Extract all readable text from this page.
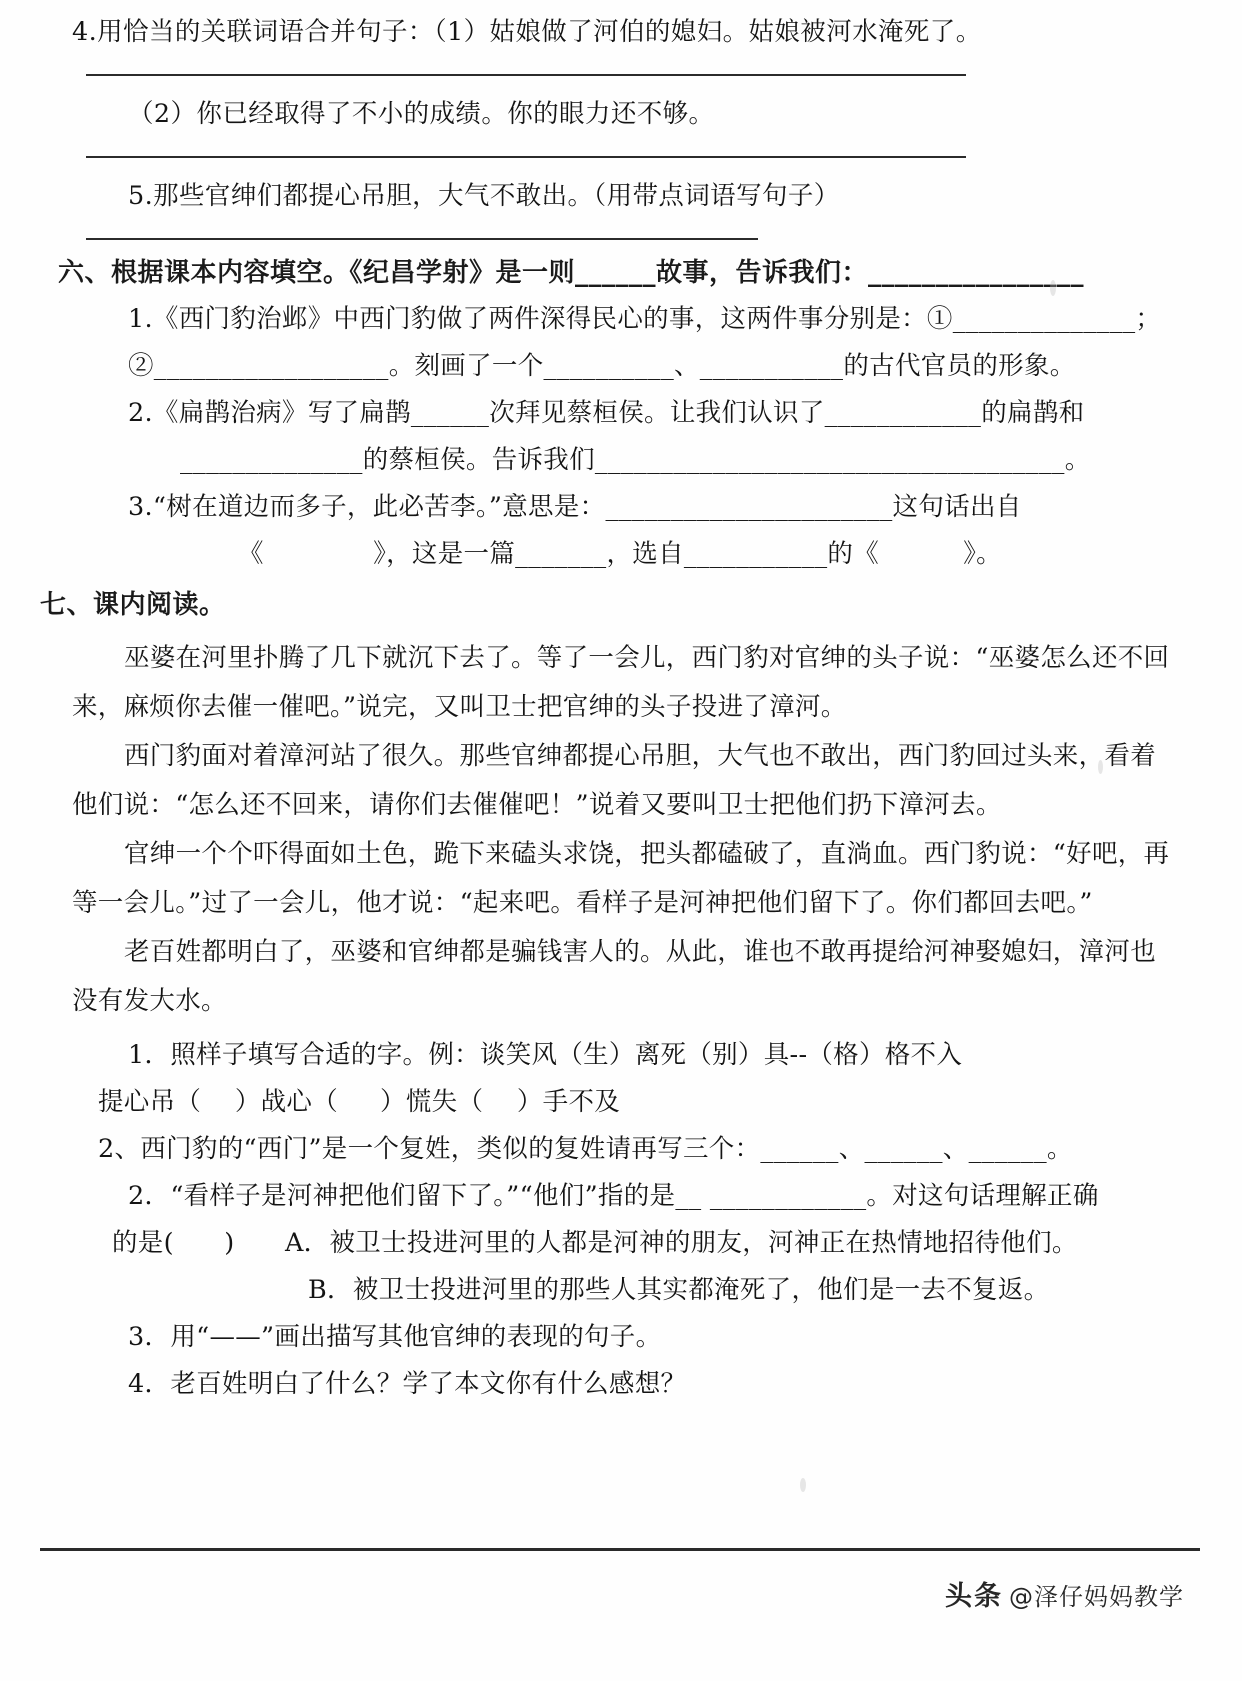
4.用恰当的关联词语合并句子：（1）姑娘做了河伯的媳妇。姑娘被河水淹死了。
（2）你已经取得了不小的成绩。你的眼力还不够。
5.那些官绅们都提心吊胆，大气不敢出。（用带点词语写句子）
六、根据课本内容填空。《纪昌学射》是一则______故事，告诉我们：________________
1.《西门豹治邺》中西门豹做了两件深得民心的事，这两件事分别是：①______________；
②__________________。刻画了一个__________、___________的古代官员的形象。
2.《扁鹊治病》写了扁鹊______次拜见蔡桓侯。让我们认识了____________的扁鹊和
______________的蔡桓侯。告诉我们____________________________________。
3.“树在道边而多子，此必苦李。”意思是：______________________这句话出自
《             》，这是一篇_______，选自___________的《          》。
七、课内阅读。
巫婆在河里扑腾了几下就沉下去了。等了一会儿，西门豹对官绅的头子说：“巫婆怎么还不回来，麻烦你去催一催吧。”说完，又叫卫士把官绅的头子投进了漳河。
西门豹面对着漳河站了很久。那些官绅都提心吊胆，大气也不敢出，西门豹回过头来，看着他们说：“怎么还不回来，请你们去催催吧！”说着又要叫卫士把他们扔下漳河去。
官绅一个个吓得面如土色，跪下来磕头求饶，把头都磕破了，直淌血。西门豹说：“好吧，再等一会儿。”过了一会儿，他才说：“起来吧。看样子是河神把他们留下了。你们都回去吧。”
老百姓都明白了，巫婆和官绅都是骗钱害人的。从此，谁也不敢再提给河神娶媳妇，漳河也没有发大水。
1．照样子填写合适的字。例：谈笑风（生）离死（别）具--（格）格不入
提心吊（    ）战心（     ）慌失（    ）手不及
2、西门豹的“西门”是一个复姓，类似的复姓请再写三个：______、______、______。
2．“看样子是河神把他们留下了。”“他们”指的是__ ____________。对这句话理解正确
的是(      )      A．被卫士投进河里的人都是河神的朋友，河神正在热情地招待他们。
B．被卫士投进河里的那些人其实都淹死了，他们是一去不复返。
3．用“——”画出描写其他官绅的表现的句子。
4．老百姓明白了什么？学了本文你有什么感想？
头条 @泽仔妈妈教学
